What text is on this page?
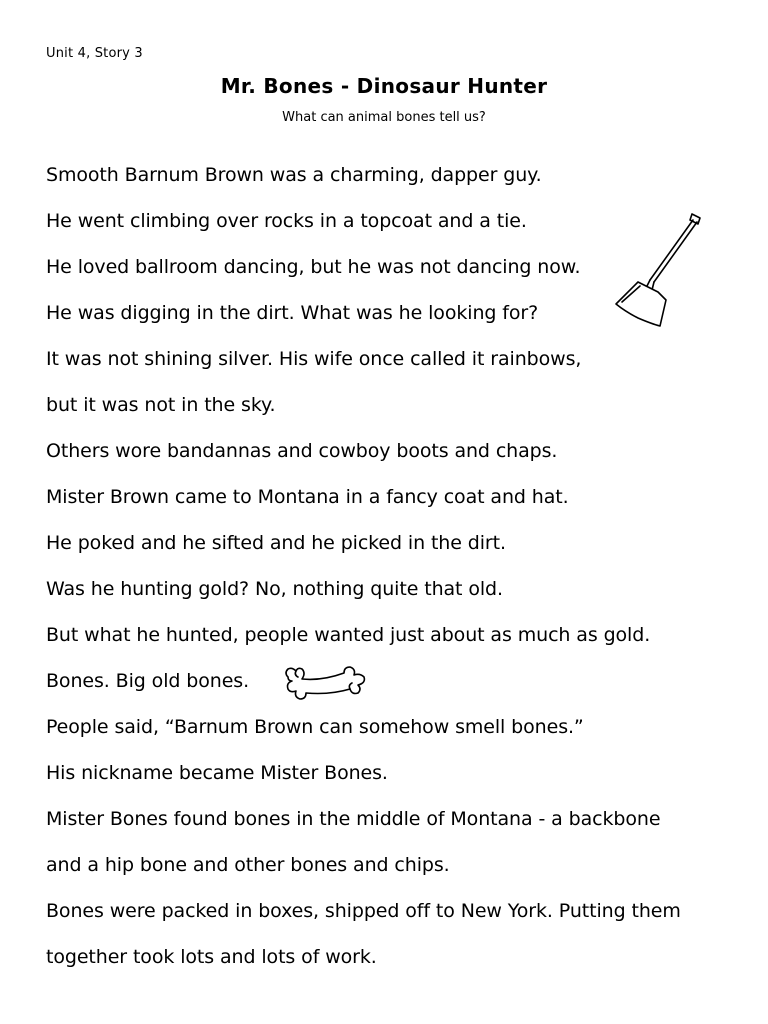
Unit 4, Story 3
Mr. Bones - Dinosaur Hunter
What can animal bones tell us?
Smooth Barnum Brown was a charming, dapper guy.
He went climbing over rocks in a topcoat and a tie.
He loved ballroom dancing, but he was not dancing now.
He was digging in the dirt. What was he looking for?
It was not shining silver. His wife once called it rainbows,
but it was not in the sky.
Others wore bandannas and cowboy boots and chaps.
Mister Brown came to Montana in a fancy coat and hat.
He poked and he sifted and he picked in the dirt.
Was he hunting gold? No, nothing quite that old.
But what he hunted, people wanted just about as much as gold.
Bones. Big old bones.
People said, “Barnum Brown can somehow smell bones.”
His nickname became Mister Bones.
Mister Bones found bones in the middle of Montana - a backbone
and a hip bone and other bones and chips.
Bones were packed in boxes, shipped off to New York. Putting them
together took lots and lots of work.
